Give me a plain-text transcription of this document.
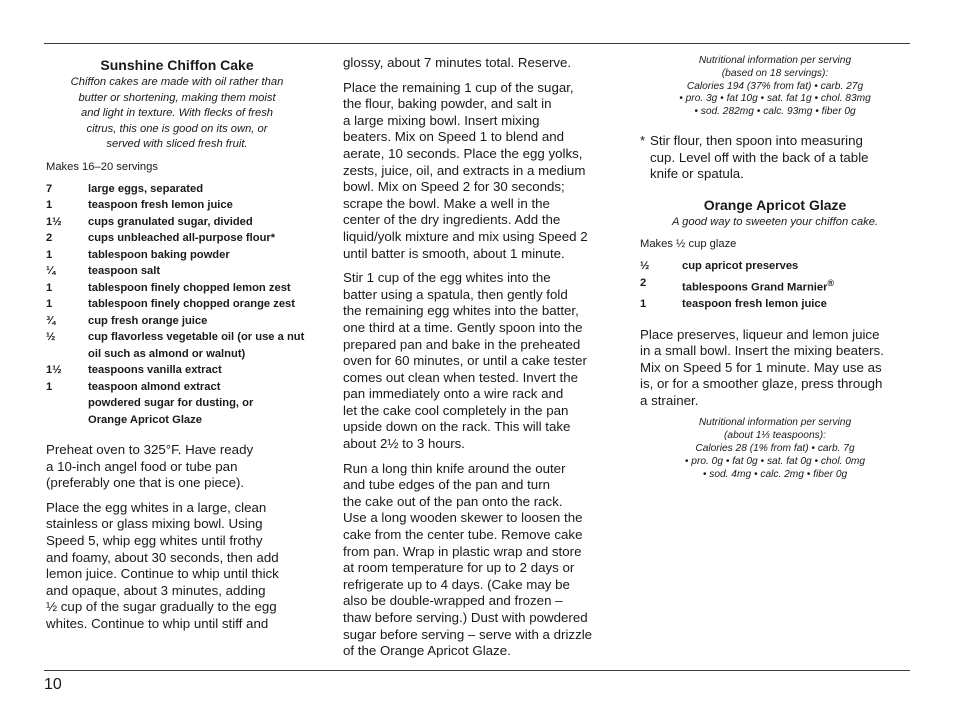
Sunshine Chiffon Cake
Chiffon cakes are made with oil rather than
butter or shortening, making them moist
and light in texture. With flecks of fresh
citrus, this one is good on its own, or
served with sliced fresh fruit.
Makes 16–20 servings
7	large eggs, separated
1	teaspoon fresh lemon juice
1½	cups granulated sugar, divided
2	cups unbleached all-purpose flour*
1	tablespoon baking powder
¼	teaspoon salt
1	tablespoon finely chopped lemon zest
1	tablespoon finely chopped orange zest
¾	cup fresh orange juice
½	cup flavorless vegetable oil (or use a nut oil such as almond or walnut)
1½	teaspoons vanilla extract
1	teaspoon almond extract
powdered sugar for dusting, or
Orange Apricot Glaze
Preheat oven to 325°F. Have ready
a 10-inch angel food or tube pan
(preferably one that is one piece).
Place the egg whites in a large, clean
stainless or glass mixing bowl. Using
Speed 5, whip egg whites until frothy
and foamy, about 30 seconds, then add
lemon juice. Continue to whip until thick
and opaque, about 3 minutes, adding
½ cup of the sugar gradually to the egg
whites. Continue to whip until stiff and
glossy, about 7 minutes total. Reserve.
Place the remaining 1 cup of the sugar,
the flour, baking powder, and salt in
a large mixing bowl. Insert mixing
beaters. Mix on Speed 1 to blend and
aerate, 10 seconds. Place the egg yolks,
zests, juice, oil, and extracts in a medium
bowl. Mix on Speed 2 for 30 seconds;
scrape the bowl. Make a well in the
center of the dry ingredients. Add the
liquid/yolk mixture and mix using Speed 2
until batter is smooth, about 1 minute.
Stir 1 cup of the egg whites into the
batter using a spatula, then gently fold
the remaining egg whites into the batter,
one third at a time. Gently spoon into the
prepared pan and bake in the preheated
oven for 60 minutes, or until a cake tester
comes out clean when tested. Invert the
pan immediately onto a wire rack and
let the cake cool completely in the pan
upside down on the rack. This will take
about 2½ to 3 hours.
Run a long thin knife around the outer
and tube edges of the pan and turn
the cake out of the pan onto the rack.
Use a long wooden skewer to loosen the
cake from the center tube. Remove cake
from pan. Wrap in plastic wrap and store
at room temperature for up to 2 days or
refrigerate up to 4 days. (Cake may be
also be double-wrapped and frozen –
thaw before serving.) Dust with powdered
sugar before serving – serve with a drizzle
of the Orange Apricot Glaze.
Nutritional information per serving
(based on 18 servings):
Calories 194 (37% from fat) • carb. 27g
• pro. 3g • fat 10g • sat. fat 1g • chol. 83mg
• sod. 282mg • calc. 93mg • fiber 0g
* Stir flour, then spoon into measuring
cup. Level off with the back of a table
knife or spatula.
Orange Apricot Glaze
A good way to sweeten your chiffon cake.
Makes ½ cup glaze
½	cup apricot preserves
2	tablespoons Grand Marnier®
1	teaspoon fresh lemon juice
Place preserves, liqueur and lemon juice
in a small bowl. Insert the mixing beaters.
Mix on Speed 5 for 1 minute. May use as
is, or for a smoother glaze, press through
a strainer.
Nutritional information per serving
(about 1⅓ teaspoons):
Calories 28 (1% from fat) • carb. 7g
• pro. 0g • fat 0g • sat. fat 0g • chol. 0mg
• sod. 4mg • calc. 2mg • fiber 0g
10
